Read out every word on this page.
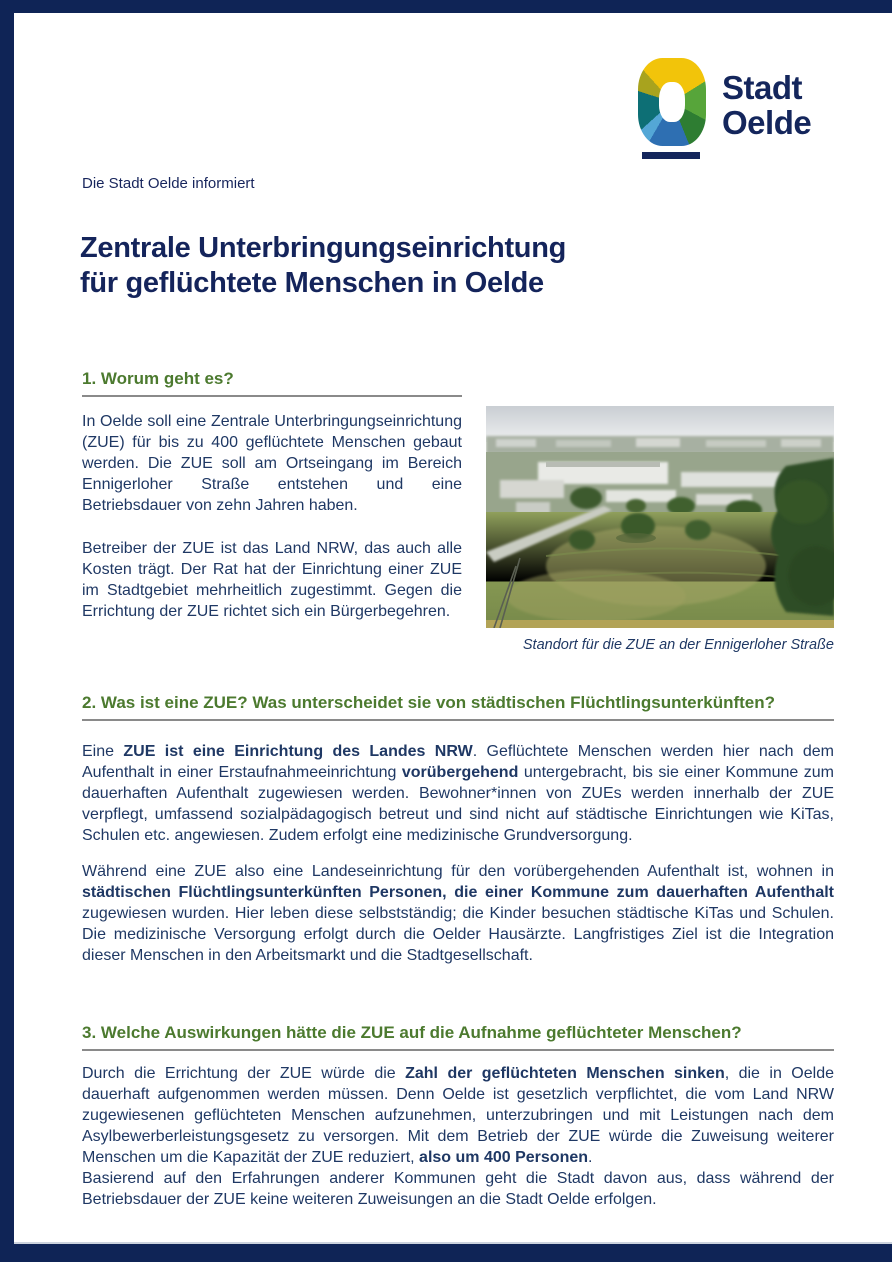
Stadt
Oelde
Die Stadt Oelde informiert
Zentrale Unterbringungseinrichtung
für geflüchtete Menschen in Oelde
1. Worum geht es?

In Oelde soll eine Zentrale Unterbringungseinrichtung (ZUE) für bis zu 400 geflüchtete Menschen gebaut werden. Die ZUE soll am Ortseingang im Bereich Ennigerloher Straße entstehen und eine Betriebsdauer von zehn Jahren haben.

Betreiber der ZUE ist das Land NRW, das auch alle Kosten trägt. Der Rat hat der Einrichtung einer ZUE im Stadtgebiet mehrheitlich zugestimmt. Gegen die Errichtung der ZUE richtet sich ein Bürgerbegehren.

Standort für die ZUE an der Ennigerloher Straße
2. Was ist eine ZUE? Was unterscheidet sie von städtischen Flüchtlingsunterkünften?

Eine ZUE ist eine Einrichtung des Landes NRW. Geflüchtete Menschen werden hier nach dem Aufenthalt in einer Erstaufnahmeeinrichtung vorübergehend untergebracht, bis sie einer Kommune zum dauerhaften Aufenthalt zugewiesen werden. Bewohner*innen von ZUEs werden innerhalb der ZUE verpflegt, umfassend sozialpädagogisch betreut und sind nicht auf städtische Einrichtungen wie KiTas, Schulen etc. angewiesen. Zudem erfolgt eine medizinische Grundversorgung.

Während eine ZUE also eine Landeseinrichtung für den vorübergehenden Aufenthalt ist, wohnen in städtischen Flüchtlingsunterkünften Personen, die einer Kommune zum dauerhaften Aufenthalt zugewiesen wurden. Hier leben diese selbstständig; die Kinder besuchen städtische KiTas und Schulen. Die medizinische Versorgung erfolgt durch die Oelder Hausärzte. Langfristiges Ziel ist die Integration dieser Menschen in den Arbeitsmarkt und die Stadtgesellschaft.

3. Welche Auswirkungen hätte die ZUE auf die Aufnahme geflüchteter Menschen?

Durch die Errichtung der ZUE würde die Zahl der geflüchteten Menschen sinken, die in Oelde dauerhaft aufgenommen werden müssen. Denn Oelde ist gesetzlich verpflichtet, die vom Land NRW zugewiesenen geflüchteten Menschen aufzunehmen, unterzubringen und mit Leistungen nach dem Asylbewerberleistungsgesetz zu versorgen. Mit dem Betrieb der ZUE würde die Zuweisung weiterer Menschen um die Kapazität der ZUE reduziert, also um 400 Personen.

Basierend auf den Erfahrungen anderer Kommunen geht die Stadt davon aus, dass während der Betriebsdauer der ZUE keine weiteren Zuweisungen an die Stadt Oelde erfolgen.
